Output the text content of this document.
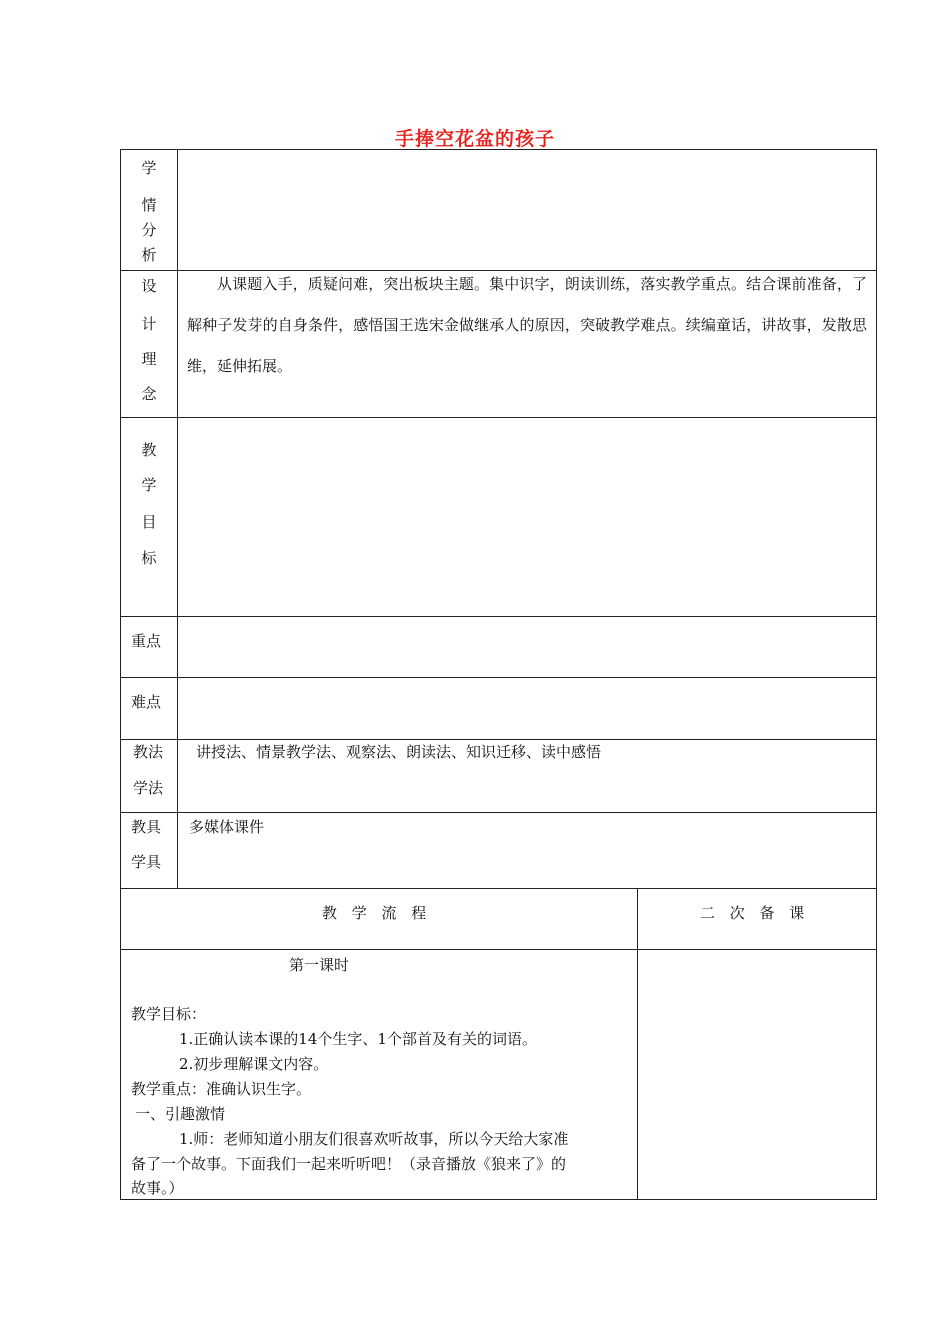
手捧空花盆的孩子
学
情
分
析
设
计
理
念
从课题入手，质疑问难，突出板块主题。集中识字，朗读训练，落实教学重点。结合课前准备，了解种子发芽的自身条件，感悟国王选宋金做继承人的原因，突破教学难点。续编童话，讲故事，发散思维，延伸拓展。
教
学
目
标
重点
难点
教法
学法
讲授法、情景教学法、观察法、朗读法、知识迁移、读中感悟
教具
学具
多媒体课件
教 学 流 程	二 次 备 课
第一课时
教学目标：
1.正确认读本课的14个生字、1个部首及有关的词语。
2.初步理解课文内容。
教学重点：准确认识生字。
一、引趣激情
1.师：老师知道小朋友们很喜欢听故事，所以今天给大家准
备了一个故事。下面我们一起来听听吧！（录音播放《狼来了》的
故事。）
